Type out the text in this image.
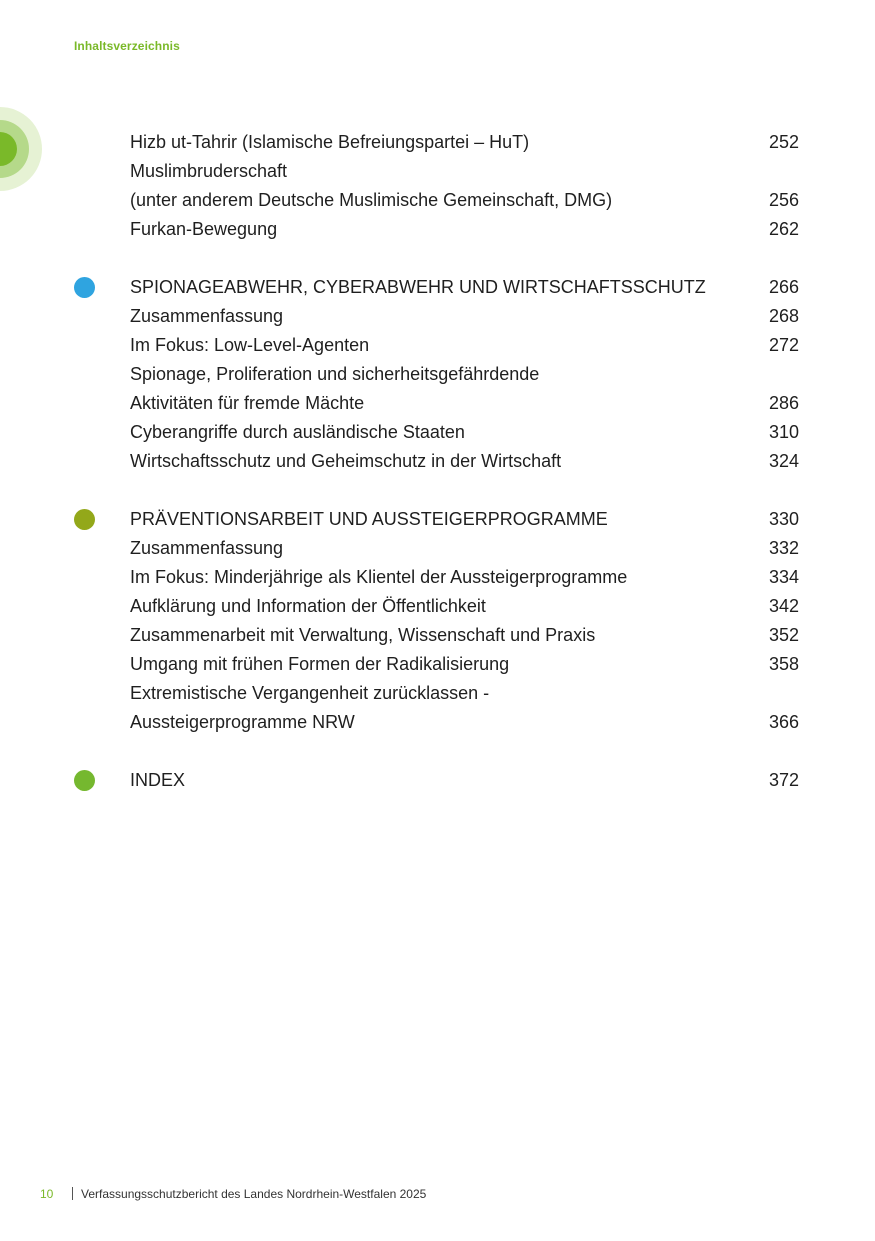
Inhaltsverzeichnis
Hizb ut-Tahrir (Islamische Befreiungspartei – HuT)	252
Muslimbruderschaft
(unter anderem Deutsche Muslimische Gemeinschaft, DMG)	256
Furkan-Bewegung	262
SPIONAGEABWEHR, CYBERABWEHR UND WIRTSCHAFTSSCHUTZ	266
Zusammenfassung	268
Im Fokus: Low-Level-Agenten	272
Spionage, Proliferation und sicherheitsgefährdende
Aktivitäten für fremde Mächte	286
Cyberangriffe durch ausländische Staaten	310
Wirtschaftsschutz und Geheimschutz in der Wirtschaft	324
PRÄVENTIONSARBEIT UND AUSSTEIGERPROGRAMME	330
Zusammenfassung	332
Im Fokus: Minderjährige als Klientel der Aussteigerprogramme	334
Aufklärung und Information der Öffentlichkeit	342
Zusammenarbeit mit Verwaltung, Wissenschaft und Praxis	352
Umgang mit frühen Formen der Radikalisierung	358
Extremistische Vergangenheit zurücklassen -
Aussteigerprogramme NRW	366
INDEX	372
10 Verfassungsschutzbericht des Landes Nordrhein-Westfalen 2025
